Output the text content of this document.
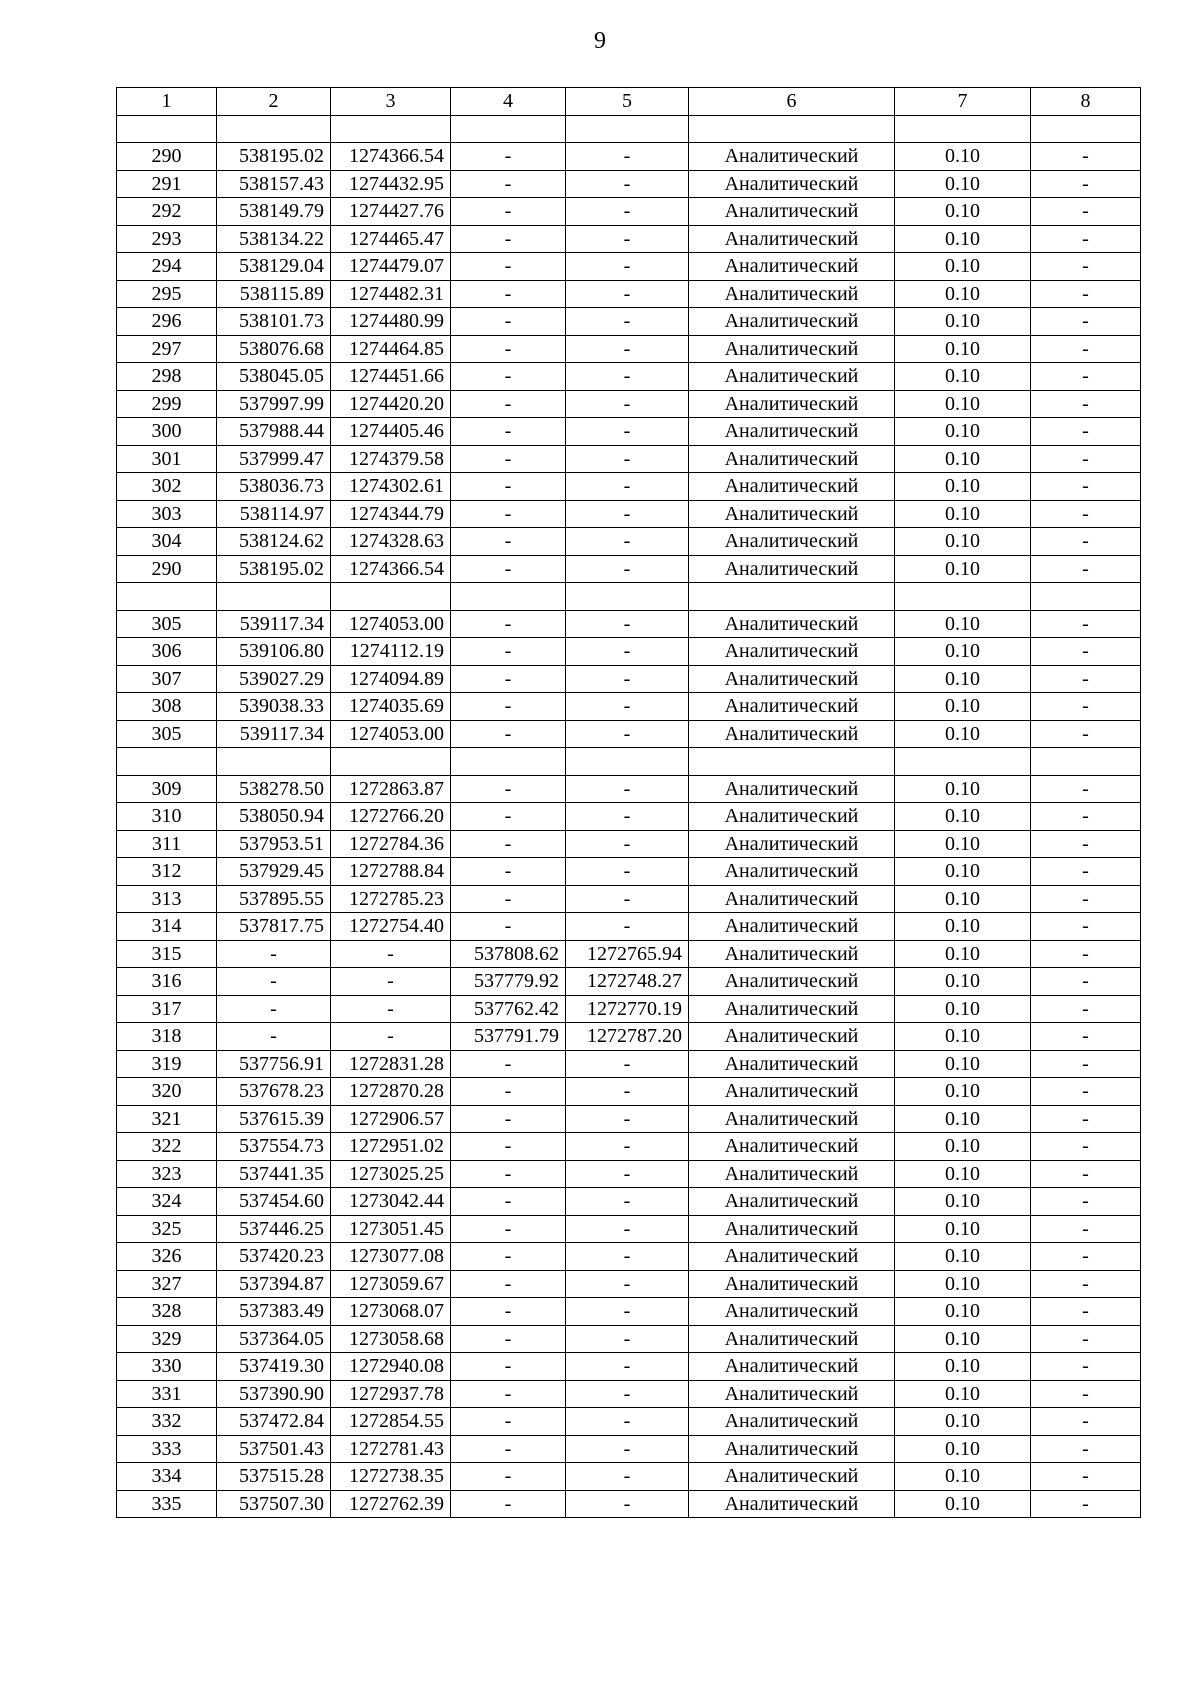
9
1	2	3	4	5	6	7	8

290	538195.02	1274366.54	-	-	Аналитический	0.10	-
291	538157.43	1274432.95	-	-	Аналитический	0.10	-
292	538149.79	1274427.76	-	-	Аналитический	0.10	-
293	538134.22	1274465.47	-	-	Аналитический	0.10	-
294	538129.04	1274479.07	-	-	Аналитический	0.10	-
295	538115.89	1274482.31	-	-	Аналитический	0.10	-
296	538101.73	1274480.99	-	-	Аналитический	0.10	-
297	538076.68	1274464.85	-	-	Аналитический	0.10	-
298	538045.05	1274451.66	-	-	Аналитический	0.10	-
299	537997.99	1274420.20	-	-	Аналитический	0.10	-
300	537988.44	1274405.46	-	-	Аналитический	0.10	-
301	537999.47	1274379.58	-	-	Аналитический	0.10	-
302	538036.73	1274302.61	-	-	Аналитический	0.10	-
303	538114.97	1274344.79	-	-	Аналитический	0.10	-
304	538124.62	1274328.63	-	-	Аналитический	0.10	-
290	538195.02	1274366.54	-	-	Аналитический	0.10	-

305	539117.34	1274053.00	-	-	Аналитический	0.10	-
306	539106.80	1274112.19	-	-	Аналитический	0.10	-
307	539027.29	1274094.89	-	-	Аналитический	0.10	-
308	539038.33	1274035.69	-	-	Аналитический	0.10	-
305	539117.34	1274053.00	-	-	Аналитический	0.10	-

309	538278.50	1272863.87	-	-	Аналитический	0.10	-
310	538050.94	1272766.20	-	-	Аналитический	0.10	-
311	537953.51	1272784.36	-	-	Аналитический	0.10	-
312	537929.45	1272788.84	-	-	Аналитический	0.10	-
313	537895.55	1272785.23	-	-	Аналитический	0.10	-
314	537817.75	1272754.40	-	-	Аналитический	0.10	-
315	-	-	537808.62	1272765.94	Аналитический	0.10	-
316	-	-	537779.92	1272748.27	Аналитический	0.10	-
317	-	-	537762.42	1272770.19	Аналитический	0.10	-
318	-	-	537791.79	1272787.20	Аналитический	0.10	-
319	537756.91	1272831.28	-	-	Аналитический	0.10	-
320	537678.23	1272870.28	-	-	Аналитический	0.10	-
321	537615.39	1272906.57	-	-	Аналитический	0.10	-
322	537554.73	1272951.02	-	-	Аналитический	0.10	-
323	537441.35	1273025.25	-	-	Аналитический	0.10	-
324	537454.60	1273042.44	-	-	Аналитический	0.10	-
325	537446.25	1273051.45	-	-	Аналитический	0.10	-
326	537420.23	1273077.08	-	-	Аналитический	0.10	-
327	537394.87	1273059.67	-	-	Аналитический	0.10	-
328	537383.49	1273068.07	-	-	Аналитический	0.10	-
329	537364.05	1273058.68	-	-	Аналитический	0.10	-
330	537419.30	1272940.08	-	-	Аналитический	0.10	-
331	537390.90	1272937.78	-	-	Аналитический	0.10	-
332	537472.84	1272854.55	-	-	Аналитический	0.10	-
333	537501.43	1272781.43	-	-	Аналитический	0.10	-
334	537515.28	1272738.35	-	-	Аналитический	0.10	-
335	537507.30	1272762.39	-	-	Аналитический	0.10	-
